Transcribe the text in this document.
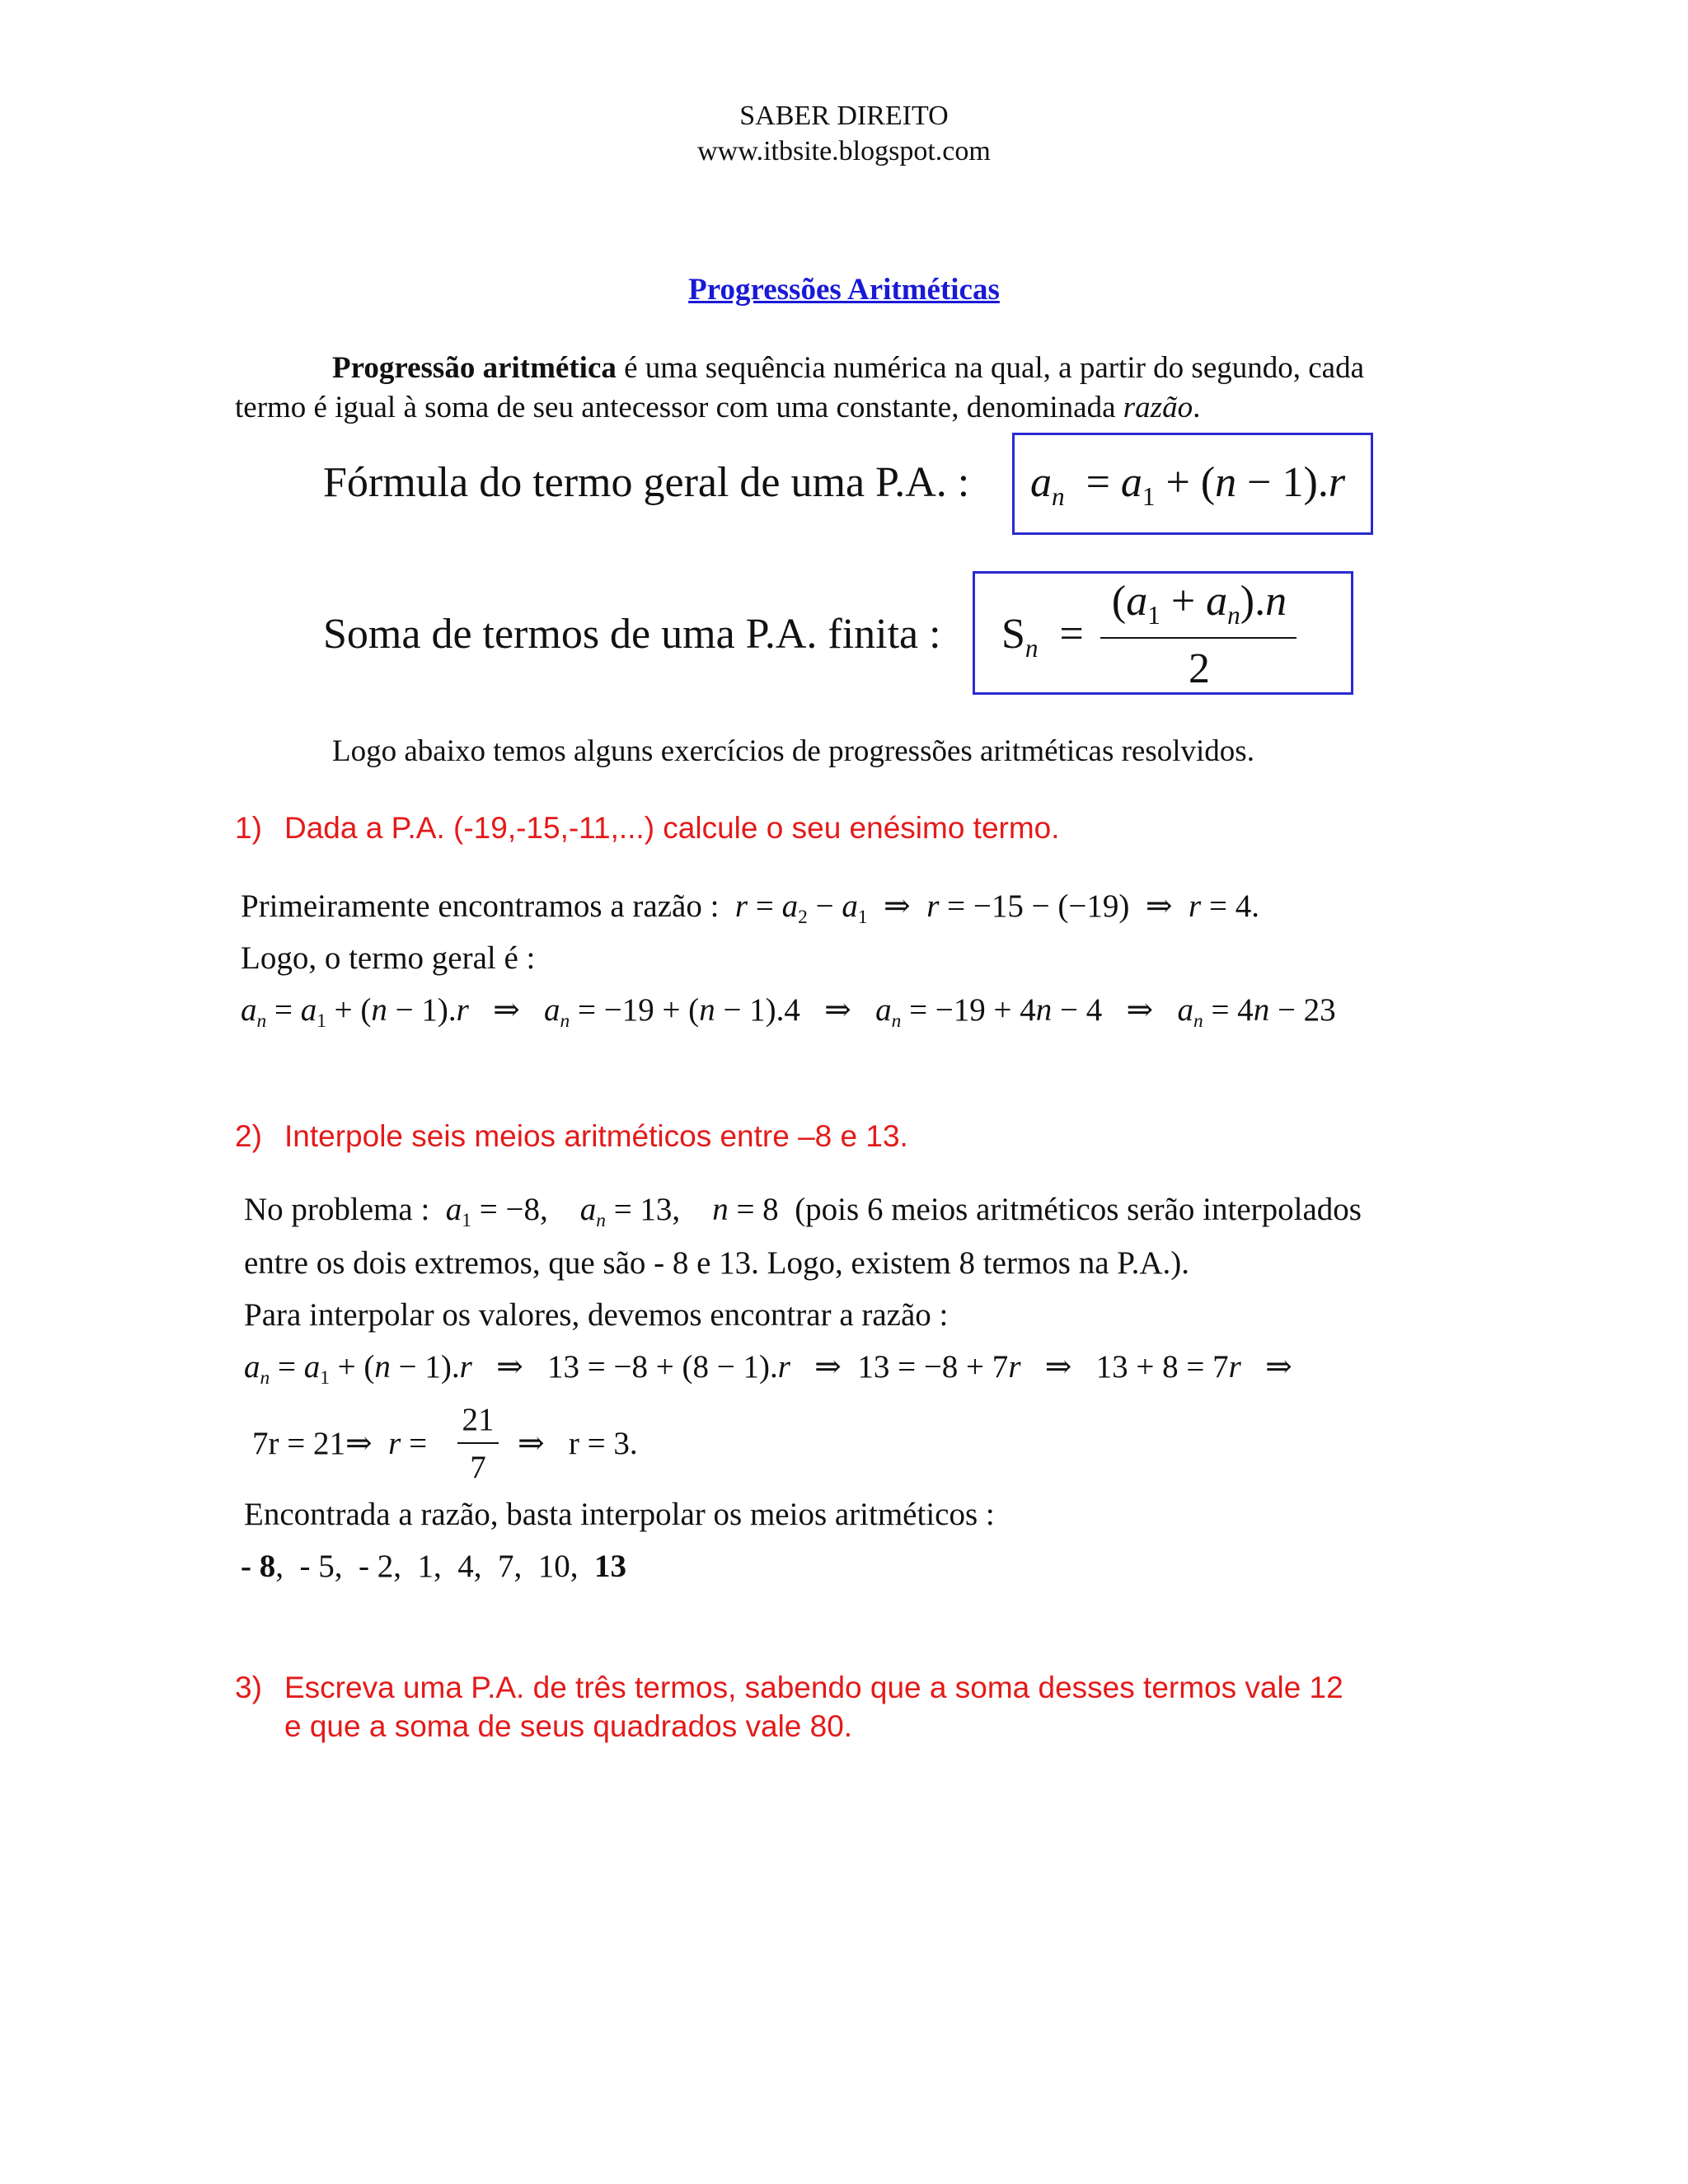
SABER DIREITO
www.itbsite.blogspot.com
Progressões Aritméticas
Progressão aritmética é uma sequência numérica na qual, a partir do segundo, cada
termo é igual à soma de seu antecessor com uma constante, denominada razão.
Fórmula do termo geral de uma P.A. : $a_n = a_1 + (n - 1).r$
Soma de termos de uma P.A. finita : $S_n$  =
$(a_1 + a_n).n$
2
Logo abaixo temos alguns exercícios de progressões aritméticas resolvidos.
1) Dada a P.A. (-19,-15,-11,...) calcule o seu enésimo termo.
Primeiramente encontramos a razão : $r = a_2 - a_1$  ⇒  r = −15 − (−19)  ⇒  r = 4.
Logo, o termo geral é :
$a_n = a_1 + (n - 1).r$   ⇒   $a_n = -19 + (n - 1).4$   ⇒   $a_n = -19 + 4n - 4$   ⇒   $a_n = 4n - 23$
2) Interpole seis meios aritméticos entre –8 e 13.
No problema : $a_1 = -8$,    $a_n = 13$,    n = 8  (pois 6 meios aritméticos serão interpolados
entre os dois extremos, que são - 8 e 13. Logo, existem 8 termos na P.A.).
Para interpolar os valores, devemos encontrar a razão :
$a_n = a_1 + (n - 1).r$   ⇒   13 = −8 + (8 − 1).r   ⇒  13 = −8 + 7r   ⇒   13 + 8 = 7r   ⇒
7r = 21⇒  r =
21
7
⇒   r = 3.
Encontrada a razão, basta interpolar os meios aritméticos :
- 8,  - 5,  - 2,  1,  4,  7,  10,  13
3) Escreva uma P.A. de três termos, sabendo que a soma desses termos vale 12
e que a soma de seus quadrados vale 80.
